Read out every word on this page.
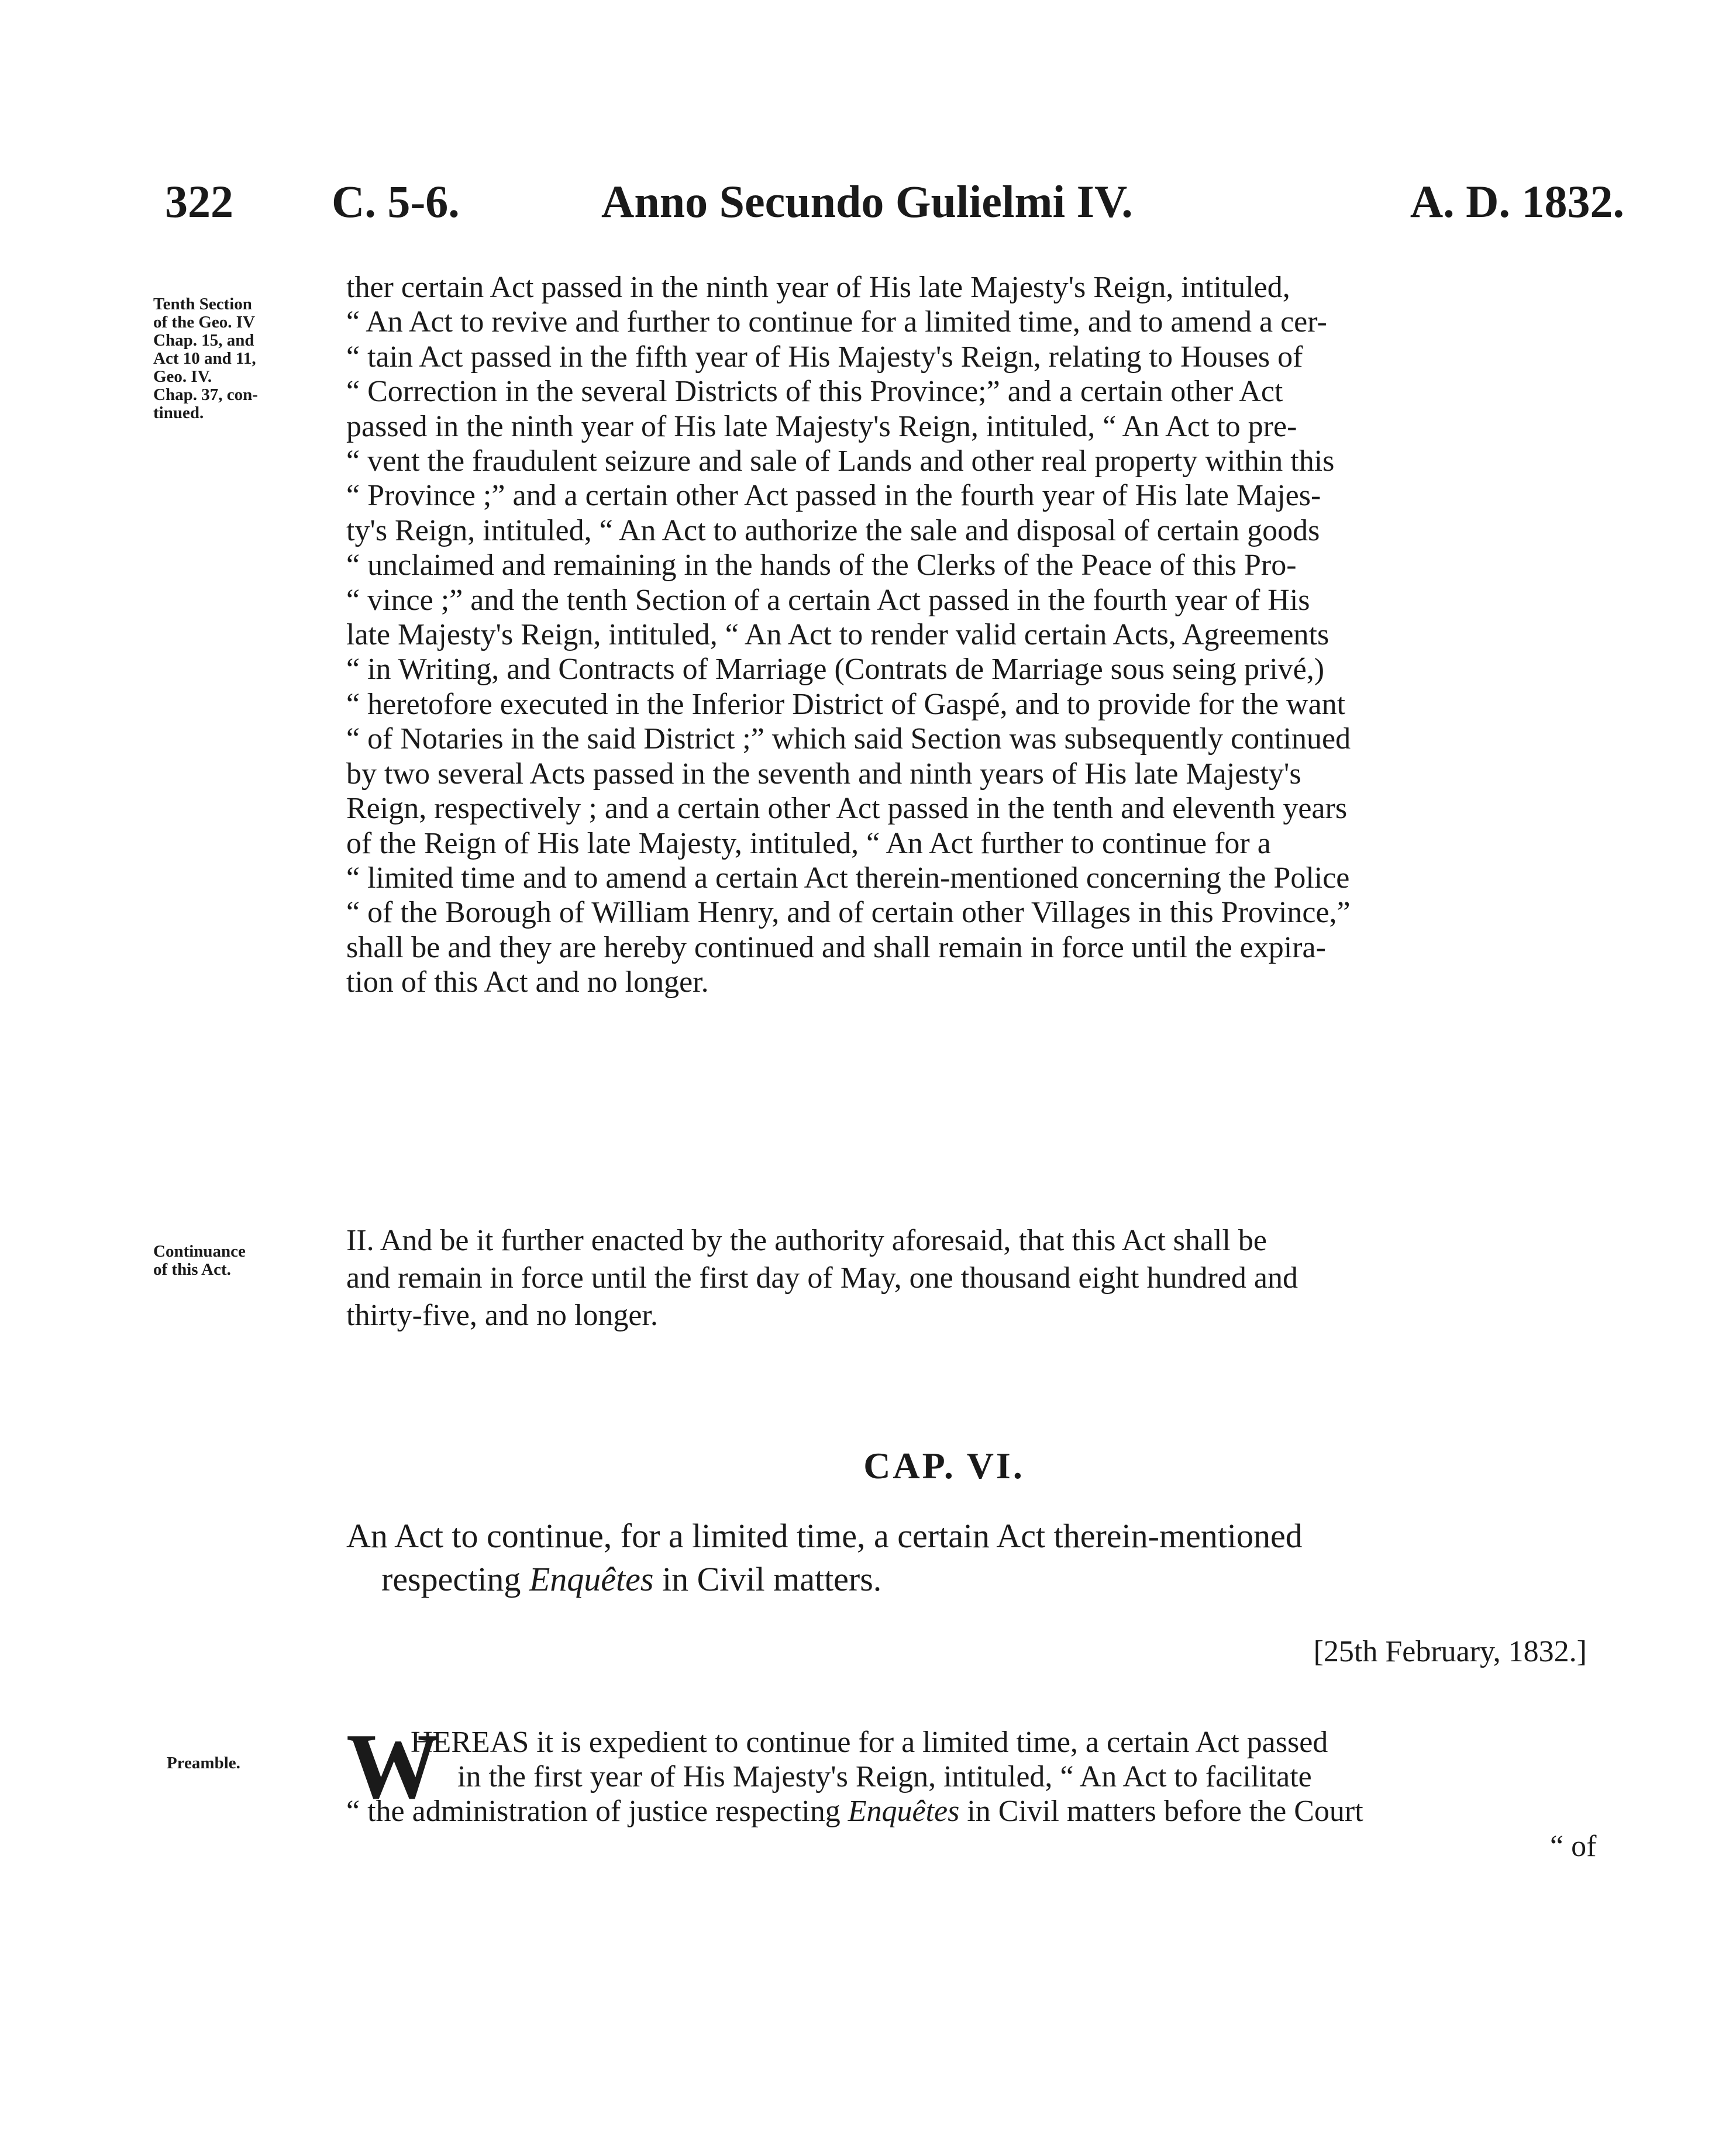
322 C. 5-6.	Anno Secundo Gulielmi IV.	A. D. 1832.
Tenth Section
of the Geo. IV
Chap. 15, and
Act 10 and 11,
Geo. IV.
Chap. 37, con-
tinued.
ther certain Act passed in the ninth year of His late Majesty's Reign, intituled,
“ An Act to revive and further to continue for a limited time, and to amend a cer-
“ tain Act passed in the fifth year of His Majesty's Reign, relating to Houses of
“ Correction in the several Districts of this Province;” and a certain other Act
passed in the ninth year of His late Majesty's Reign, intituled, “ An Act to pre-
“ vent the fraudulent seizure and sale of Lands and other real property within this
“ Province ;” and a certain other Act passed in the fourth year of His late Majes-
ty's Reign, intituled, “ An Act to authorize the sale and disposal of certain goods
“ unclaimed and remaining in the hands of the Clerks of the Peace of this Pro-
“ vince ;” and the tenth Section of a certain Act passed in the fourth year of His
late Majesty's Reign, intituled, “ An Act to render valid certain Acts, Agreements
“ in Writing, and Contracts of Marriage (Contrats de Marriage sous seing privé,)
“ heretofore executed in the Inferior District of Gaspé, and to provide for the want
“ of Notaries in the said District ;” which said Section was subsequently continued
by two several Acts passed in the seventh and ninth years of His late Majesty's
Reign, respectively ; and a certain other Act passed in the tenth and eleventh years
of the Reign of His late Majesty, intituled, “ An Act further to continue for a
“ limited time and to amend a certain Act therein-mentioned concerning the Police
“ of the Borough of William Henry, and of certain other Villages in this Province,”
shall be and they are hereby continued and shall remain in force until the expira-
tion of this Act and no longer.
Continuance
of this Act.
II. And be it further enacted by the authority aforesaid, that this Act shall be
and remain in force until the first day of May, one thousand eight hundred and
thirty-five, and no longer.
CAP. VI.
An Act to continue, for a limited time, a certain Act therein-mentioned
respecting Enquêtes in Civil matters.
[25th February, 1832.]
Preamble.	W
HEREAS it is expedient to continue for a limited time, a certain Act passed
in the first year of His Majesty's Reign, intituled, “ An Act to facilitate
“ the administration of justice respecting Enquêtes in Civil matters before the Court
“ of
